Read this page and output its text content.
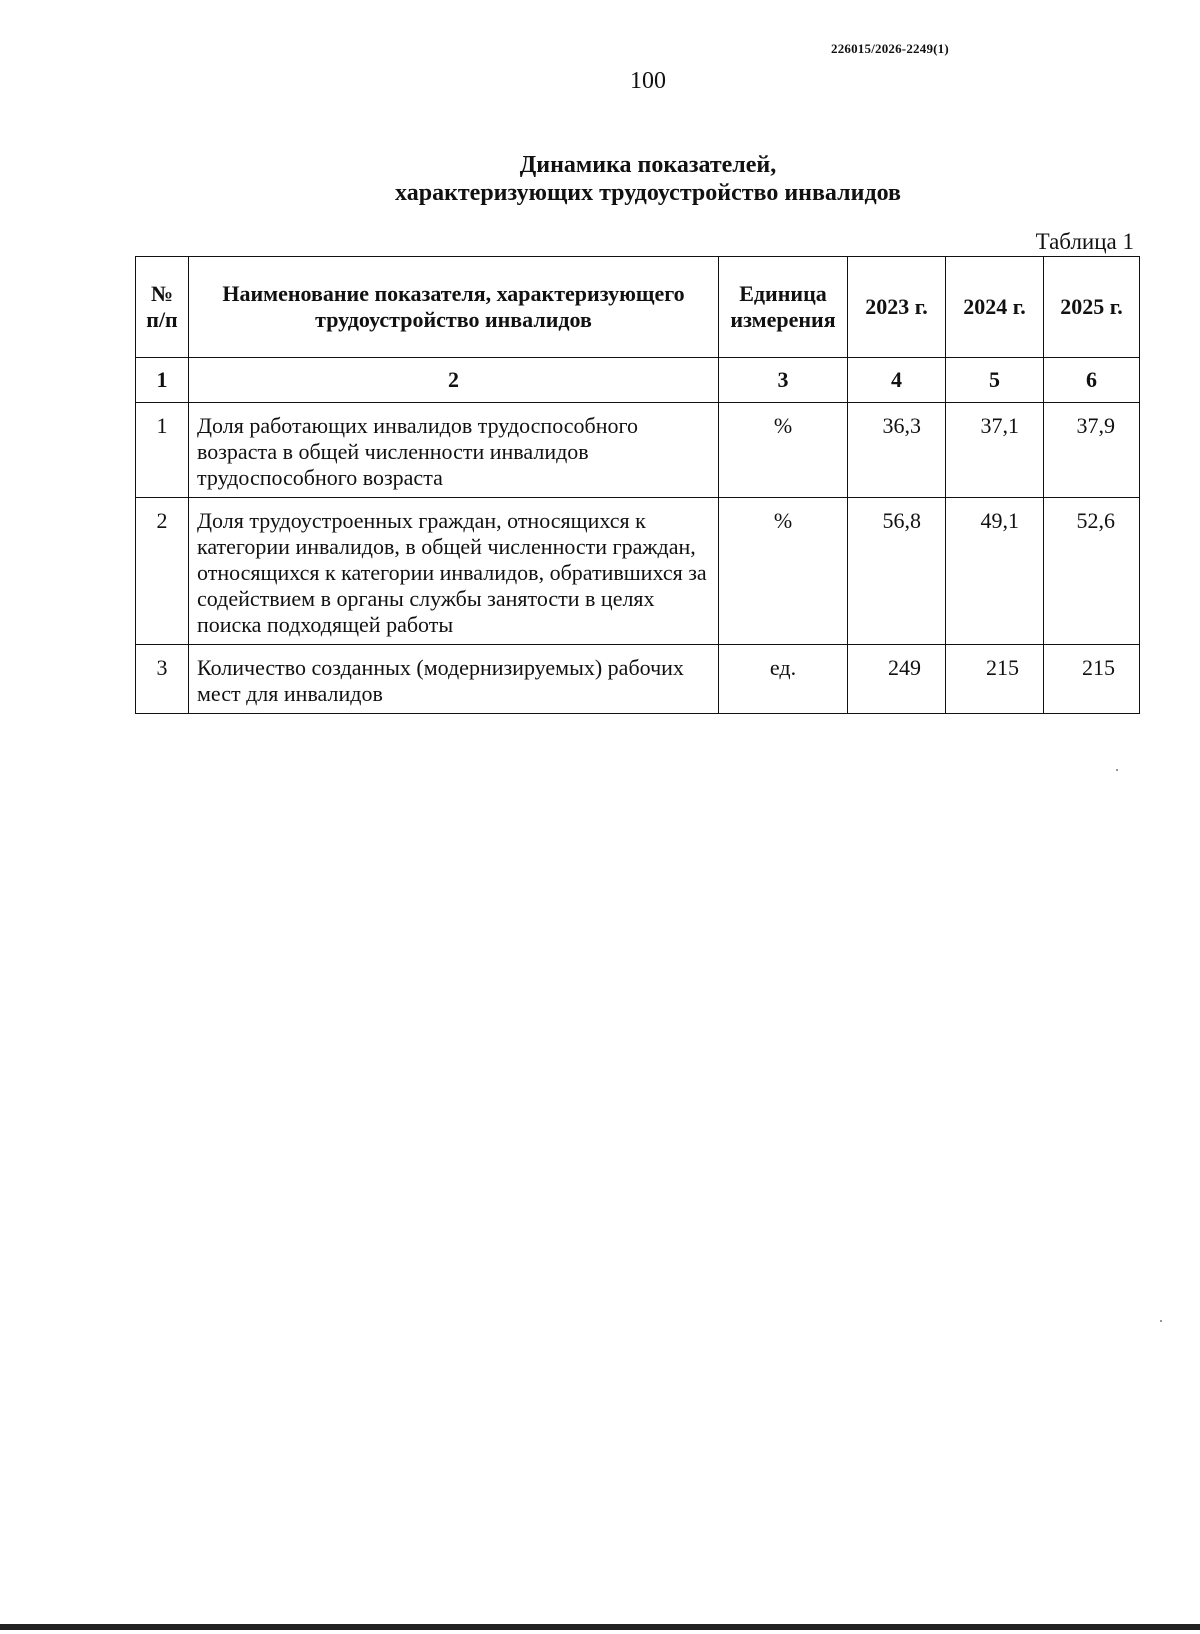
226015/2026-2249(1)
100
Динамика показателей,
характеризующих трудоустройство инвалидов
Таблица 1
№ п/п	Наименование показателя, характеризующего трудоустройство инвалидов	Единица измерения	2023 г.	2024 г.	2025 г.
1	2	3	4	5	6
1	Доля работающих инвалидов трудоспособного возраста в общей численности инвалидов трудоспособного возраста	%	36,3	37,1	37,9
2	Доля трудоустроенных граждан, относящихся к категории инвалидов, в общей численности граждан, относящихся к категории инвалидов, обратившихся за содействием в органы службы занятости в целях поиска подходящей работы	%	56,8	49,1	52,6
3	Количество созданных (модернизируемых) рабочих мест для инвалидов	ед.	249	215	215
